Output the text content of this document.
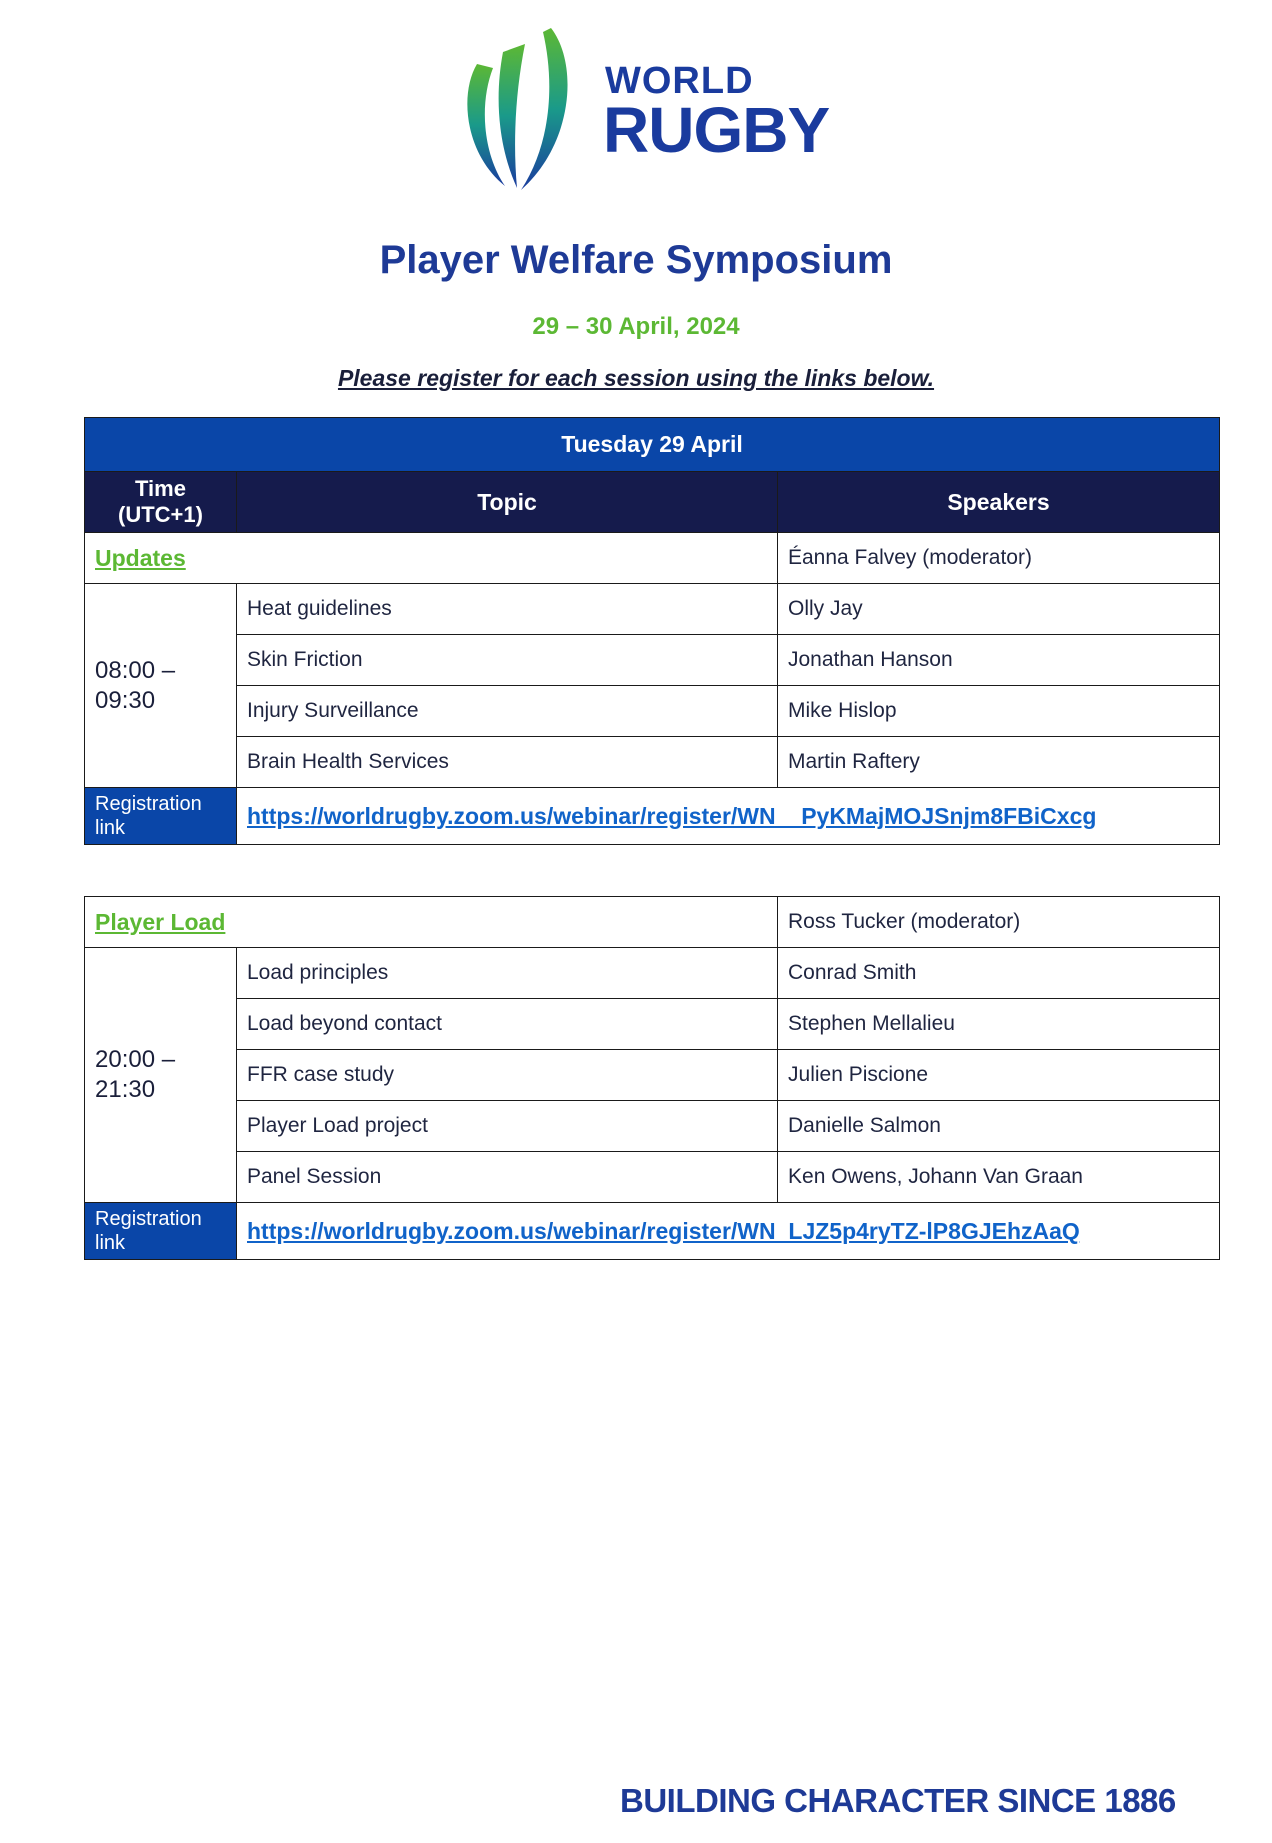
WORLD
RUGBY
Player Welfare Symposium
29 – 30 April, 2024
Please register for each session using the links below.
Tuesday 29 April		
Time (UTC+1)	Topic	Speakers
Updates		Éanna Falvey (moderator)
08:00 – 09:30	Heat guidelines	Olly Jay
	Skin Friction	Jonathan Hanson
	Injury Surveillance	Mike Hislop
	Brain Health Services	Martin Raftery
Registration link	https://worldrugby.zoom.us/webinar/register/WN__PyKMajMOJSnjm8FBiCxcg	
Player Load		Ross Tucker (moderator)
20:00 – 21:30	Load principles	Conrad Smith
	Load beyond contact	Stephen Mellalieu
	FFR case study	Julien Piscione
	Player Load project	Danielle Salmon
	Panel Session	Ken Owens, Johann Van Graan
Registration link	https://worldrugby.zoom.us/webinar/register/WN_LJZ5p4ryTZ-lP8GJEhzAaQ	
BUILDING CHARACTER SINCE 1886
